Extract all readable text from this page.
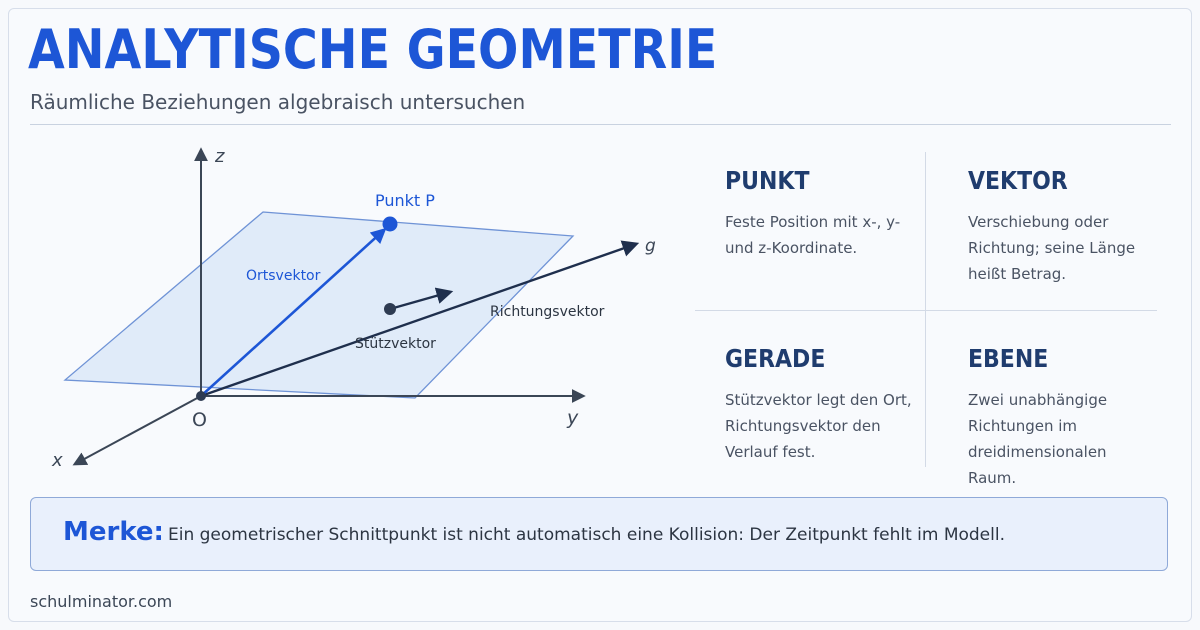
ANALYTISCHE GEOMETRIE
Räumliche Beziehungen algebraisch untersuchen
z
y
x
O
Punkt P
Ortsvektor
Stützvektor
Richtungsvektor
g
PUNKT

Feste Position mit x-, y- und z-Koordinate.

VEKTOR

Verschiebung oder Richtung; seine Länge heißt Betrag.

GERADE

Stützvektor legt den Ort, Richtungsvektor den Verlauf fest.

EBENE

Zwei unabhängige Richtungen im dreidimensionalen Raum.

Merke: Ein geometrischer Schnittpunkt ist nicht automatisch eine Kollision: Der Zeitpunkt fehlt im Modell.
schulminator.com
